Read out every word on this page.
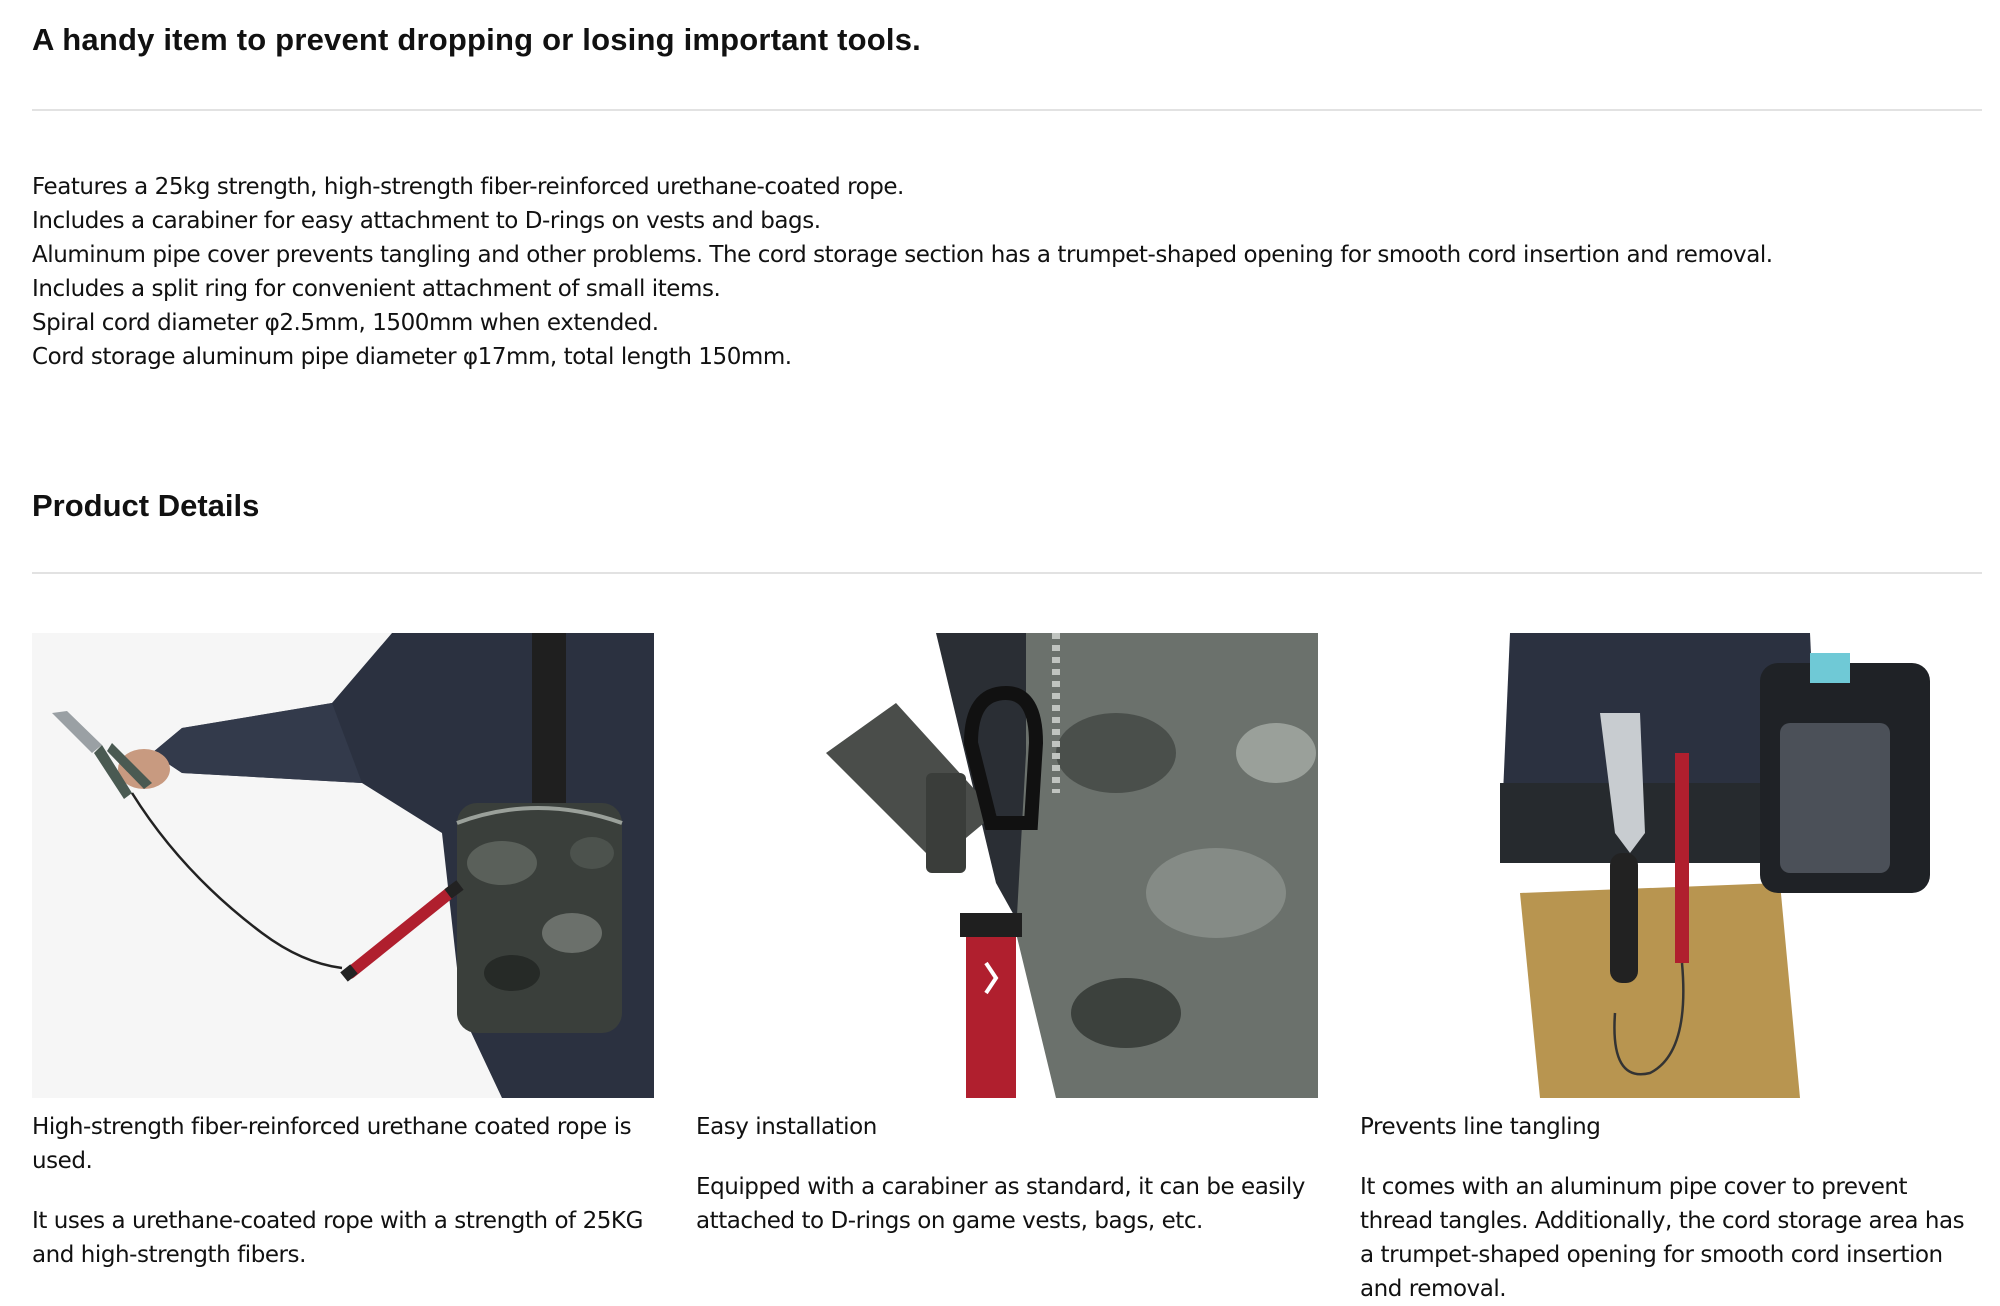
A handy item to prevent dropping or losing important tools.
Features a 25kg strength, high-strength fiber-reinforced urethane-coated rope.
Includes a carabiner for easy attachment to D-rings on vests and bags.
Aluminum pipe cover prevents tangling and other problems. The cord storage section has a trumpet-shaped opening for smooth cord insertion and removal.
Includes a split ring for convenient attachment of small items.
Spiral cord diameter φ2.5mm, 1500mm when extended.
Cord storage aluminum pipe diameter φ17mm, total length 150mm.
Product Details

High-strength fiber-reinforced urethane coated rope is used.

It uses a urethane-coated rope with a strength of 25KG and high-strength fibers.

Easy installation

Equipped with a carabiner as standard, it can be easily attached to D-rings on game vests, bags, etc.

Prevents line tangling

It comes with an aluminum pipe cover to prevent thread tangles. Additionally, the cord storage area has a trumpet-shaped opening for smooth cord insertion and removal.
